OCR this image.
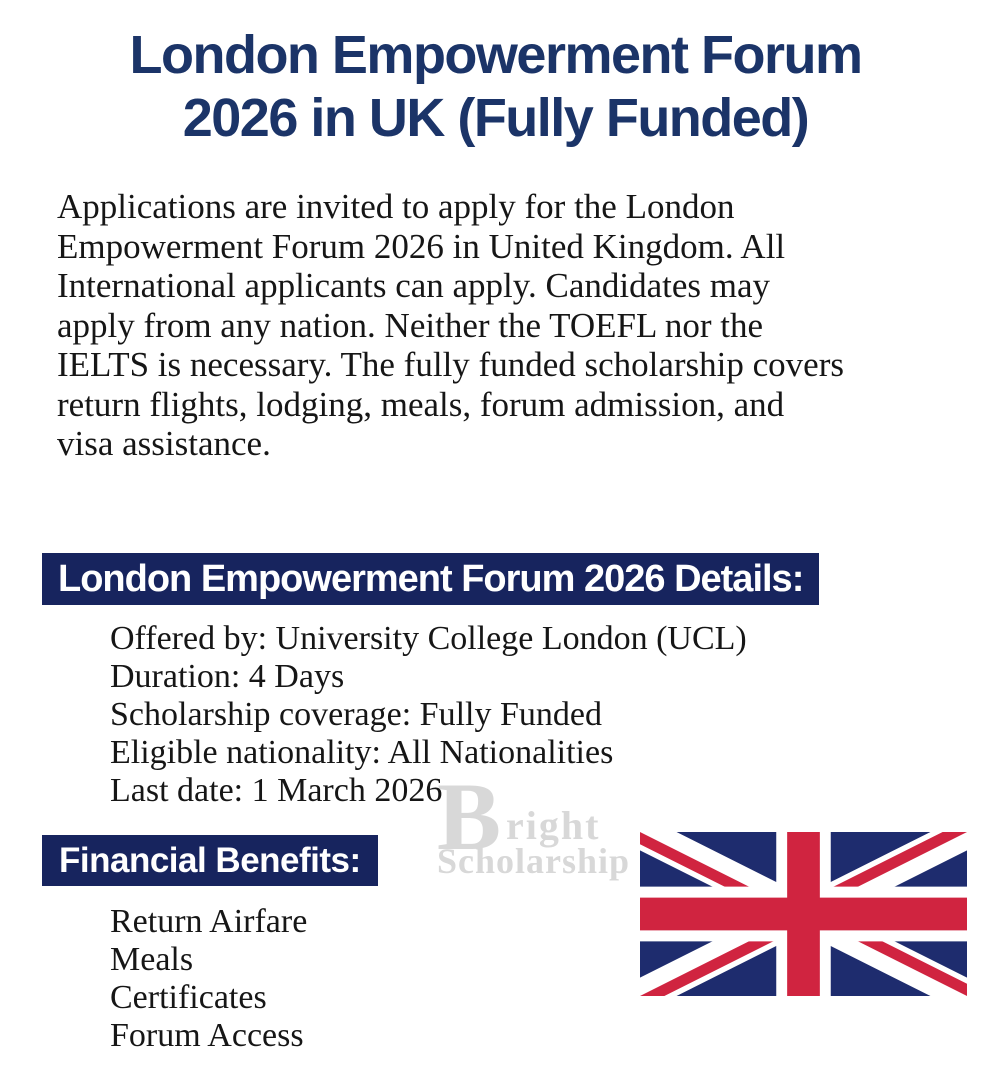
London Empowerment Forum
2026 in UK (Fully Funded)
Applications are invited to apply for the London
Empowerment Forum 2026 in United Kingdom. All
International applicants can apply. Candidates may
apply from any nation. Neither the TOEFL nor the
IELTS is necessary. The fully funded scholarship covers
return flights, lodging, meals, forum admission, and
visa assistance.
London Empowerment Forum 2026 Details:
Offered by: University College London (UCL)
Duration: 4 Days
Scholarship coverage: Fully Funded
Eligible nationality: All Nationalities
Last date: 1 March 2026
B right
Scholarship
Financial Benefits:
Return Airfare
Meals
Certificates
Forum Access
